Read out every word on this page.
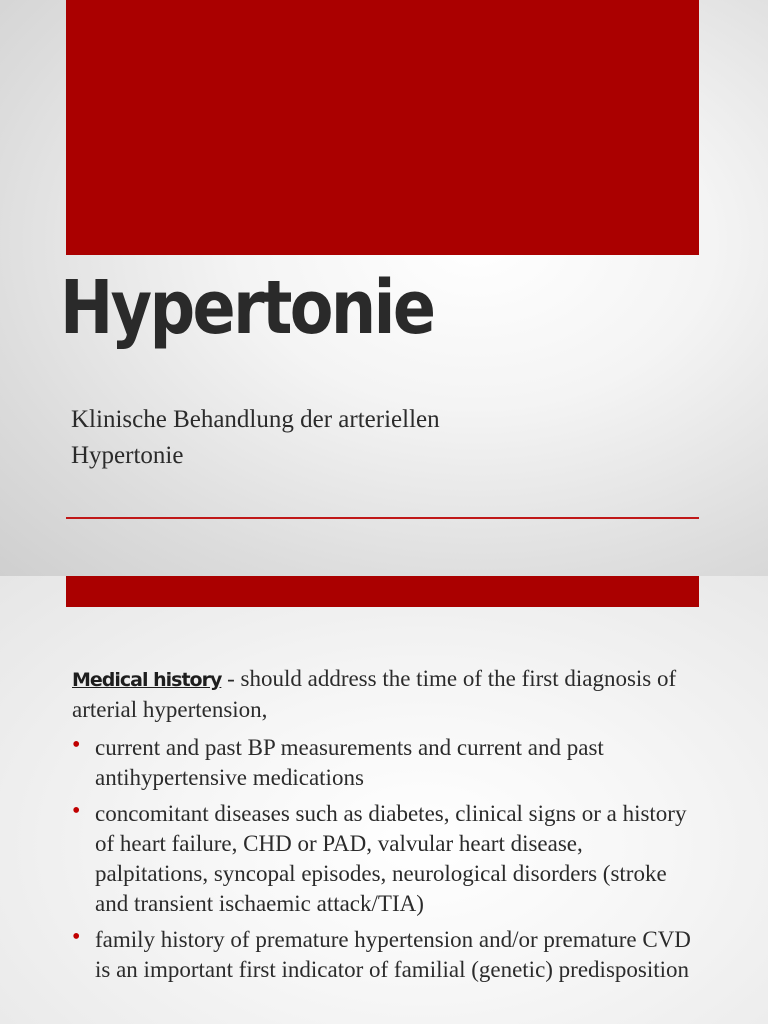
Hypertonie

Klinische Behandlung der arteriellen
Hypertonie

Medical history - should address the time of the first diagnosis of arterial hypertension,

• current and past BP measurements and current and past antihypertensive medications
• concomitant diseases such as diabetes, clinical signs or a history of heart failure, CHD or PAD, valvular heart disease, palpitations, syncopal episodes, neurological disorders (stroke and transient ischaemic attack/TIA)
• family history of premature hypertension and/or premature CVD is an important first indicator of familial (genetic) predisposition
